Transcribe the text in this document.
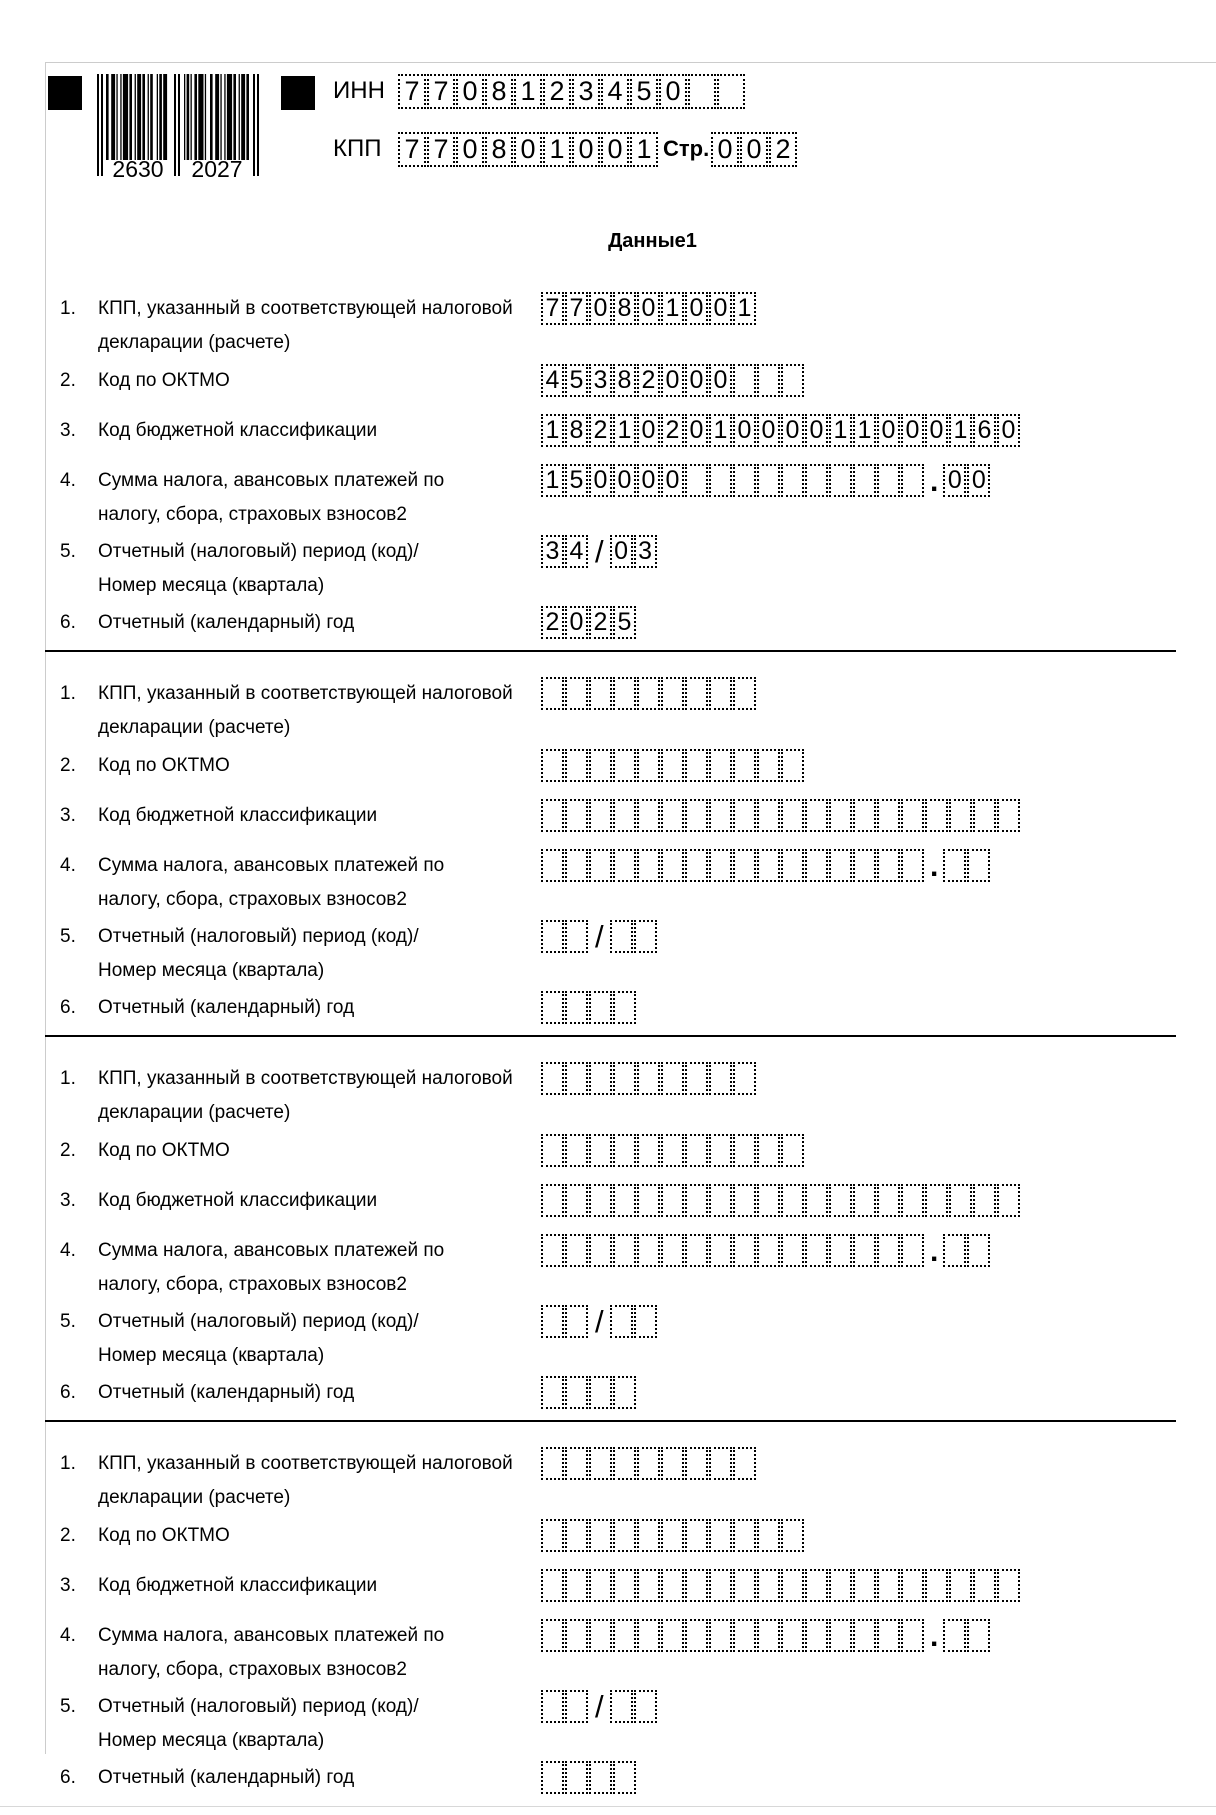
2630 2027
ИНН 7 7 0 8 1 2 3 4 5 0
КПП 7 7 0 8 0 1 0 0 1 Стр. 0 0 2
Данные1
1.	КПП, указанный в соответствующей налоговой
декларации (расчете)
7 7 0 8 0 1 0 0 1
2.	Код по ОКТМО	4 5 3 8 2 0 0 0
3.	Код бюджетной классификации	1 8 2 1 0 2 0 1 0 0 0 0 1 1 0 0 0 1 6 0
4.	Сумма налога, авансовых платежей по
налогу, сбора, страховых взносов2
1 5 0 0 0 0	. 0 0
5.	Отчетный (налоговый) период (код)/
Номер месяца (квартала)
3 4 / 0 3
6.	Отчетный (календарный) год	2 0 2 5
1.	КПП, указанный в соответствующей налоговой
декларации (расчете)
2.	Код по ОКТМО
3.	Код бюджетной классификации
4.	Сумма налога, авансовых платежей по
налогу, сбора, страховых взносов2
.
5.	Отчетный (налоговый) период (код)/
Номер месяца (квартала)
/
6.	Отчетный (календарный) год
1.	КПП, указанный в соответствующей налоговой
декларации (расчете)
2.	Код по ОКТМО
3.	Код бюджетной классификации
4.	Сумма налога, авансовых платежей по
налогу, сбора, страховых взносов2
.
5.	Отчетный (налоговый) период (код)/
Номер месяца (квартала)
/
6.	Отчетный (календарный) год
1.	КПП, указанный в соответствующей налоговой
декларации (расчете)
2.	Код по ОКТМО
3.	Код бюджетной классификации
4.	Сумма налога, авансовых платежей по
налогу, сбора, страховых взносов2
.
5.	Отчетный (налоговый) период (код)/
Номер месяца (квартала)
/
6.	Отчетный (календарный) год
